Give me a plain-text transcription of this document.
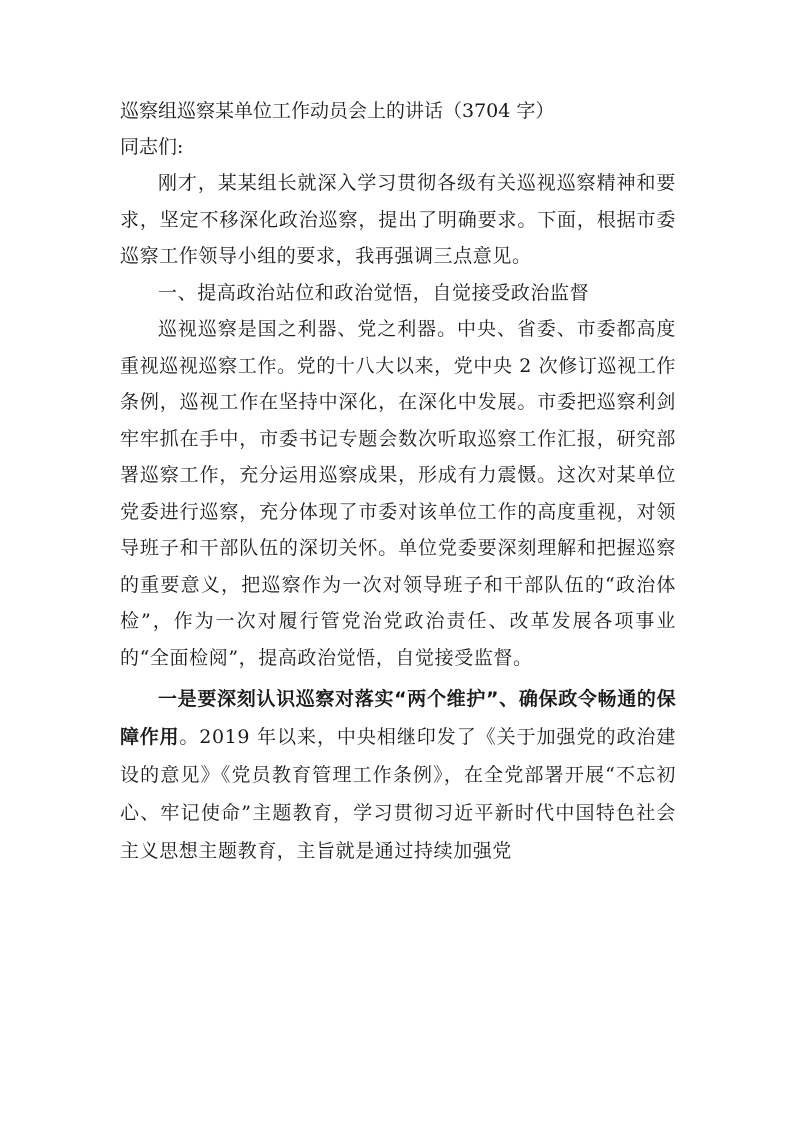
巡察组巡察某单位工作动员会上的讲话（3704 字）

同志们:

刚才，某某组长就深入学习贯彻各级有关巡视巡察精神和要求，坚定不移深化政治巡察，提出了明确要求。下面，根据市委巡察工作领导小组的要求，我再强调三点意见。

一、提高政治站位和政治觉悟，自觉接受政治监督

巡视巡察是国之利器、党之利器。中央、省委、市委都高度重视巡视巡察工作。党的十八大以来，党中央 2 次修订巡视工作条例，巡视工作在坚持中深化，在深化中发展。市委把巡察利剑牢牢抓在手中，市委书记专题会数次听取巡察工作汇报，研究部署巡察工作，充分运用巡察成果，形成有力震慑。这次对某单位党委进行巡察，充分体现了市委对该单位工作的高度重视，对领导班子和干部队伍的深切关怀。单位党委要深刻理解和把握巡察的重要意义，把巡察作为一次对领导班子和干部队伍的“政治体检”，作为一次对履行管党治党政治责任、改革发展各项事业的“全面检阅”，提高政治觉悟，自觉接受监督。

一是要深刻认识巡察对落实“两个维护”、确保政令畅通的保障作用。2019 年以来，中央相继印发了《关于加强党的政治建设的意见》《党员教育管理工作条例》，在全党部署开展“不忘初心、牢记使命”主题教育，学习贯彻习近平新时代中国特色社会主义思想主题教育，主旨就是通过持续加强党
